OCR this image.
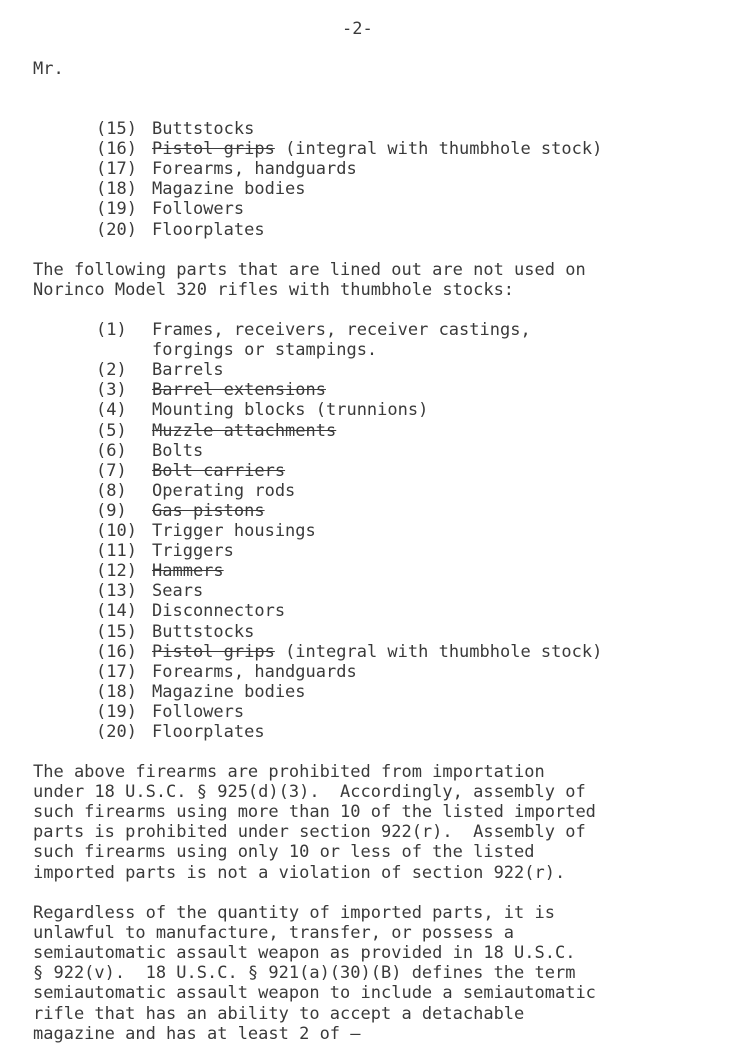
-2-
Mr.
(15) Buttstocks
(16) Pistol grips (integral with thumbhole stock)
(17) Forearms, handguards
(18) Magazine bodies
(19) Followers
(20) Floorplates
The following parts that are lined out are not used on
Norinco Model 320 rifles with thumbhole stocks:
(1) Frames, receivers, receiver castings,
forgings or stampings.
(2) Barrels
(3) Barrel extensions
(4) Mounting blocks (trunnions)
(5) Muzzle attachments
(6) Bolts
(7) Bolt carriers
(8) Operating rods
(9) Gas pistons
(10) Trigger housings
(11) Triggers
(12) Hammers
(13) Sears
(14) Disconnectors
(15) Buttstocks
(16) Pistol grips (integral with thumbhole stock)
(17) Forearms, handguards
(18) Magazine bodies
(19) Followers
(20) Floorplates
The above firearms are prohibited from importation
under 18 U.S.C. § 925(d)(3).  Accordingly, assembly of
such firearms using more than 10 of the listed imported
parts is prohibited under section 922(r).  Assembly of
such firearms using only 10 or less of the listed
imported parts is not a violation of section 922(r).
Regardless of the quantity of imported parts, it is
unlawful to manufacture, transfer, or possess a
semiautomatic assault weapon as provided in 18 U.S.C.
§ 922(v).  18 U.S.C. § 921(a)(30)(B) defines the term
semiautomatic assault weapon to include a semiautomatic
rifle that has an ability to accept a detachable
magazine and has at least 2 of —
